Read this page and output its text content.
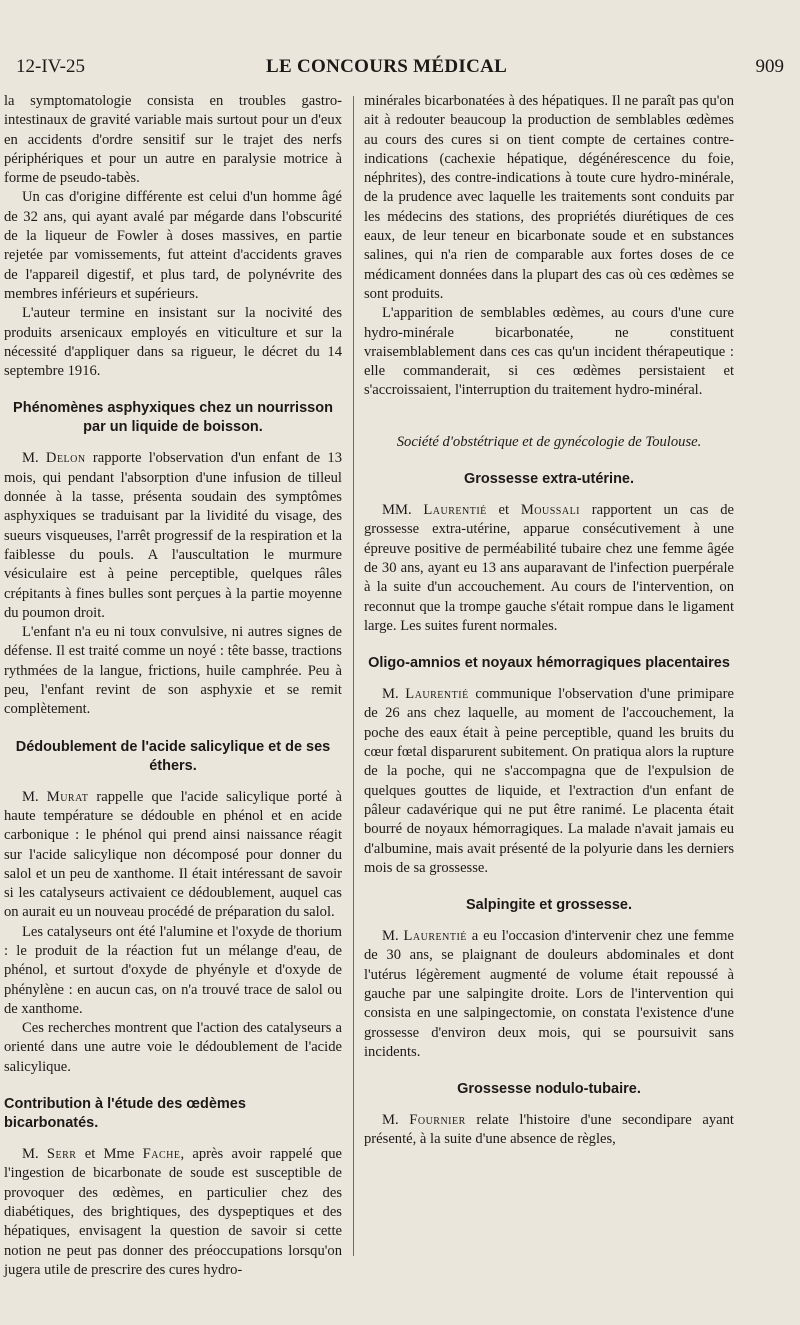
12-IV-25	LE CONCOURS MÉDICAL	909

la symptomatologie consista en troubles gastro-intestinaux de gravité variable mais surtout pour un d'eux en accidents d'ordre sensitif sur le trajet des nerfs périphériques et pour un autre en paralysie motrice à forme de pseudo-tabès.

Un cas d'origine différente est celui d'un homme âgé de 32 ans, qui ayant avalé par mégarde dans l'obscurité de la liqueur de Fowler à doses massives, en partie rejetée par vomissements, fut atteint d'accidents graves de l'appareil digestif, et plus tard, de polynévrite des membres inférieurs et supérieurs.

L'auteur termine en insistant sur la nocivité des produits arsenicaux employés en viticulture et sur la nécessité d'appliquer dans sa rigueur, le décret du 14 septembre 1916.

Phénomènes asphyxiques chez un nourrisson par un liquide de boisson.

M. Delon rapporte l'observation d'un enfant de 13 mois, qui pendant l'absorption d'une infusion de tilleul donnée à la tasse, présenta soudain des symptômes asphyxiques se traduisant par la lividité du visage, des sueurs visqueuses, l'arrêt progressif de la respiration et la faiblesse du pouls. A l'auscultation le murmure vésiculaire est à peine perceptible, quelques râles crépitants à fines bulles sont perçues à la partie moyenne du poumon droit.

L'enfant n'a eu ni toux convulsive, ni autres signes de défense. Il est traité comme un noyé : tête basse, tractions rythmées de la langue, frictions, huile camphrée. Peu à peu, l'enfant revint de son asphyxie et se remit complètement.

Dédoublement de l'acide salicylique et de ses éthers.

M. Murat rappelle que l'acide salicylique porté à haute température se dédouble en phénol et en acide carbonique : le phénol qui prend ainsi naissance réagit sur l'acide salicylique non décomposé pour donner du salol et un peu de xanthome. Il était intéressant de savoir si les catalyseurs activaient ce dédoublement, auquel cas on aurait eu un nouveau procédé de préparation du salol.

Les catalyseurs ont été l'alumine et l'oxyde de thorium : le produit de la réaction fut un mélange d'eau, de phénol, et surtout d'oxyde de phyényle et d'oxyde de phénylène : en aucun cas, on n'a trouvé trace de salol ou de xanthome.

Ces recherches montrent que l'action des catalyseurs a orienté dans une autre voie le dédoublement de l'acide salicylique.

Contribution à l'étude des œdèmes bicarbonatés.

M. Serr et Mme Fache, après avoir rappelé que l'ingestion de bicarbonate de soude est susceptible de provoquer des œdèmes, en particulier chez des diabétiques, des brightiques, des dyspeptiques et des hépatiques, envisagent la question de savoir si cette notion ne peut pas donner des préoccupations lorsqu'on jugera utile de prescrire des cures hydro-

minérales bicarbonatées à des hépatiques. Il ne paraît pas qu'on ait à redouter beaucoup la production de semblables œdèmes au cours des cures si on tient compte de certaines contre-indications (cachexie hépatique, dégénérescence du foie, néphrites), des contre-indications à toute cure hydro-minérale, de la prudence avec laquelle les traitements sont conduits par les médecins des stations, des propriétés diurétiques de ces eaux, de leur teneur en bicarbonate soude et en substances salines, qui n'a rien de comparable aux fortes doses de ce médicament données dans la plupart des cas où ces œdèmes se sont produits.

L'apparition de semblables œdèmes, au cours d'une cure hydro-minérale bicarbonatée, ne constituent vraisemblablement dans ces cas qu'un incident thérapeutique : elle commanderait, si ces œdèmes persistaient et s'accroissaient, l'interruption du traitement hydro-minéral.

Société d'obstétrique et de gynécologie de Toulouse.

Grossesse extra-utérine.

MM. Laurentié et Moussali rapportent un cas de grossesse extra-utérine, apparue consécutivement à une épreuve positive de perméabilité tubaire chez une femme âgée de 30 ans, ayant eu 13 ans auparavant de l'infection puerpérale à la suite d'un accouchement. Au cours de l'intervention, on reconnut que la trompe gauche s'était rompue dans le ligament large. Les suites furent normales.

Oligo-amnios et noyaux hémorragiques placentaires

M. Laurentié communique l'observation d'une primipare de 26 ans chez laquelle, au moment de l'accouchement, la poche des eaux était à peine perceptible, quand les bruits du cœur fœtal disparurent subitement. On pratiqua alors la rupture de la poche, qui ne s'accompagna que de l'expulsion de quelques gouttes de liquide, et l'extraction d'un enfant de pâleur cadavérique qui ne put être ranimé. Le placenta était bourré de noyaux hémorragiques. La malade n'avait jamais eu d'albumine, mais avait présenté de la polyurie dans les derniers mois de sa grossesse.

Salpingite et grossesse.

M. Laurentié a eu l'occasion d'intervenir chez une femme de 30 ans, se plaignant de douleurs abdominales et dont l'utérus légèrement augmenté de volume était repoussé à gauche par une salpingite droite. Lors de l'intervention qui consista en une salpingectomie, on constata l'existence d'une grossesse d'environ deux mois, qui se poursuivit sans incidents.

Grossesse nodulo-tubaire.

M. Fournier relate l'histoire d'une secondipare ayant présenté, à la suite d'une absence de règles,
